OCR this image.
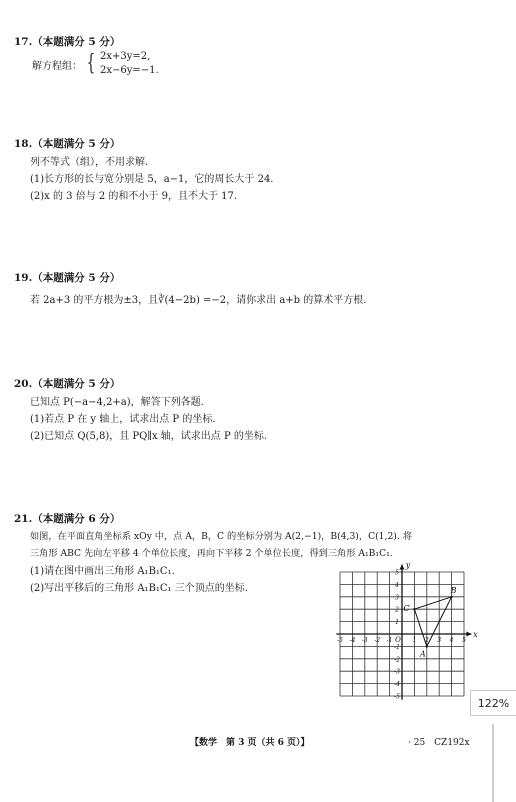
17.（本题满分 5 分）
解方程组： { 2x+3y=2,
2x−6y=−1.
18.（本题满分 5 分）
列不等式（组），不用求解.
(1)长方形的长与宽分别是 5，a−1，它的周长大于 24.
(2)x 的 3 倍与 2 的和不小于 9，且不大于 17.
19.（本题满分 5 分）
若 2a+3 的平方根为±3，且∛(4−2b) =−2，请你求出 a+b 的算术平方根.
20.（本题满分 5 分）
已知点 P(−a−4,2+a)，解答下列各题.
(1)若点 P 在 y 轴上，试求出点 P 的坐标.
(2)已知点 Q(5,8)，且 PQ∥x 轴，试求出点 P 的坐标.
21.（本题满分 6 分）
如图，在平面直角坐标系 xOy 中，点 A，B，C 的坐标分别为 A(2,−1)，B(4,3)，C(1,2). 将
三角形 ABC 先向左平移 4 个单位长度，再向下平移 2 个单位长度，得到三角形 A₁B₁C₁.
(1)请在图中画出三角形 A₁B₁C₁.
(2)写出平移后的三角形 A₁B₁C₁ 三个顶点的坐标.
x
y
O
-5 -4 -3 -2 -1	1 2 3 4 5
5
4
3
2
1
-1
-2
-3
-4
-5
A
B
C
【数学　第 3 页（共 6 页）】	· 25　CZ192x
122%
